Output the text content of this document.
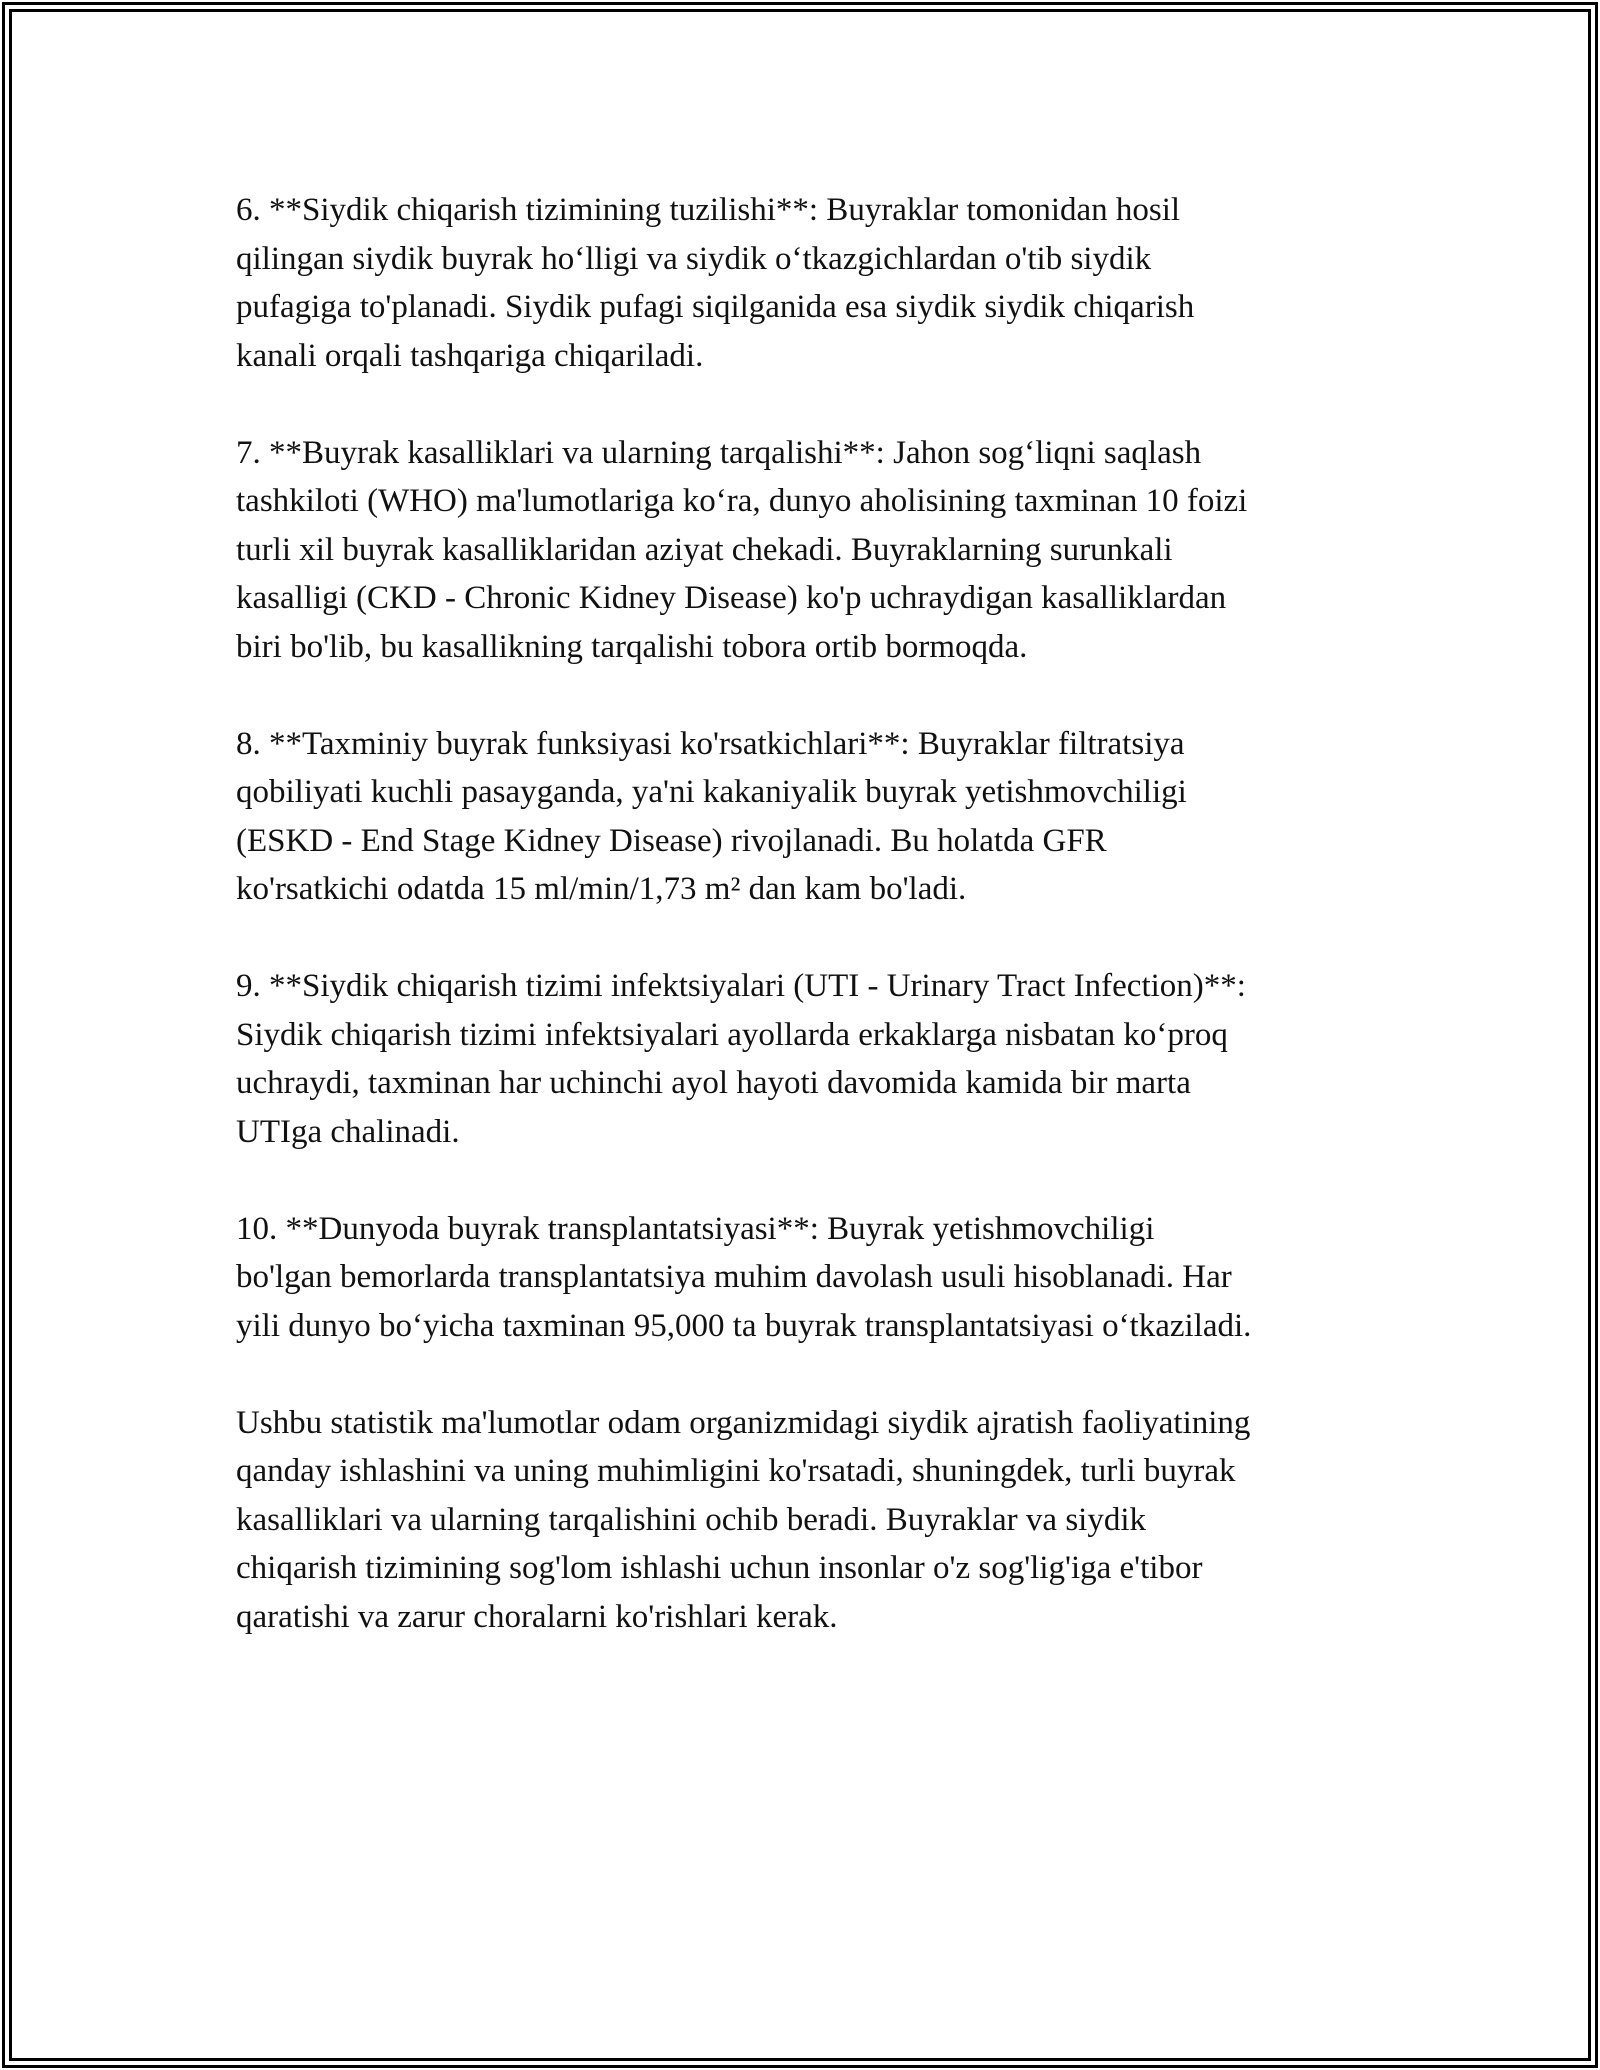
6. **Siydik chiqarish tizimining tuzilishi**: Buyraklar tomonidan hosil
qilingan siydik buyrak ho‘lligi va siydik o‘tkazgichlardan o'tib siydik
pufagiga to'planadi. Siydik pufagi siqilganida esa siydik siydik chiqarish
kanali orqali tashqariga chiqariladi.

7. **Buyrak kasalliklari va ularning tarqalishi**: Jahon sog‘liqni saqlash
tashkiloti (WHO) ma'lumotlariga ko‘ra, dunyo aholisining taxminan 10 foizi
turli xil buyrak kasalliklaridan aziyat chekadi. Buyraklarning surunkali
kasalligi (CKD - Chronic Kidney Disease) ko'p uchraydigan kasalliklardan
biri bo'lib, bu kasallikning tarqalishi tobora ortib bormoqda.

8. **Taxminiy buyrak funksiyasi ko'rsatkichlari**: Buyraklar filtratsiya
qobiliyati kuchli pasayganda, ya'ni kakaniyalik buyrak yetishmovchiligi
(ESKD - End Stage Kidney Disease) rivojlanadi. Bu holatda GFR
ko'rsatkichi odatda 15 ml/min/1,73 m² dan kam bo'ladi.

9. **Siydik chiqarish tizimi infektsiyalari (UTI - Urinary Tract Infection)**:
Siydik chiqarish tizimi infektsiyalari ayollarda erkaklarga nisbatan ko‘proq
uchraydi, taxminan har uchinchi ayol hayoti davomida kamida bir marta
UTIga chalinadi.

10. **Dunyoda buyrak transplantatsiyasi**: Buyrak yetishmovchiligi
bo'lgan bemorlarda transplantatsiya muhim davolash usuli hisoblanadi. Har
yili dunyo bo‘yicha taxminan 95,000 ta buyrak transplantatsiyasi o‘tkaziladi.

Ushbu statistik ma'lumotlar odam organizmidagi siydik ajratish faoliyatining
qanday ishlashini va uning muhimligini ko'rsatadi, shuningdek, turli buyrak
kasalliklari va ularning tarqalishini ochib beradi. Buyraklar va siydik
chiqarish tizimining sog'lom ishlashi uchun insonlar o'z sog'lig'iga e'tibor
qaratishi va zarur choralarni ko'rishlari kerak.
